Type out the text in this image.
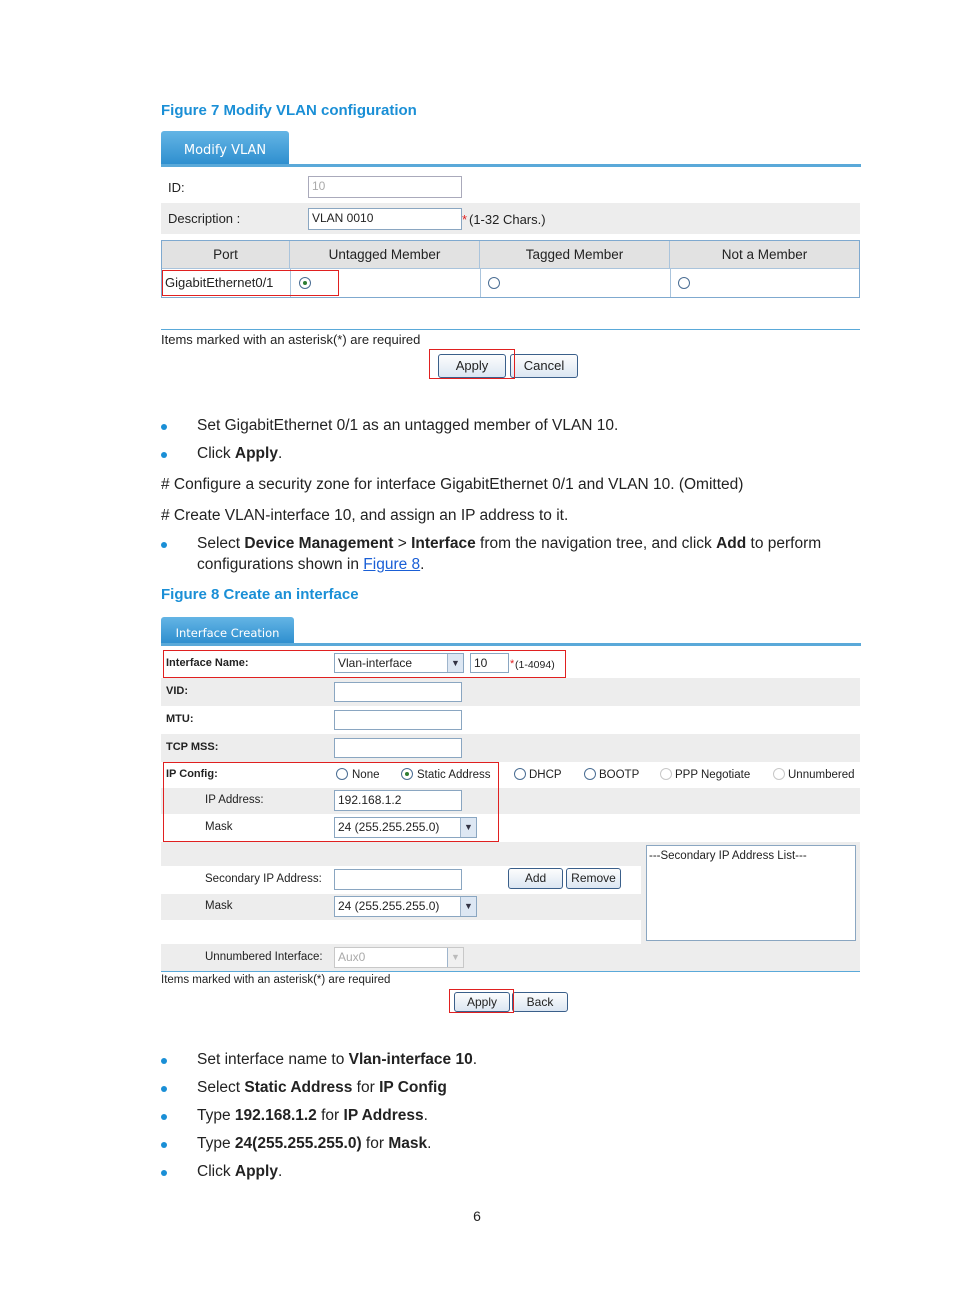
Figure 7 Modify VLAN configuration
Modify VLAN
ID:	10
Description :	VLAN 0010	* (1-32 Chars.)
Port	Untagged Member	Tagged Member	Not a Member
GigabitEthernet0/1
Items marked with an asterisk(*) are required
Apply	Cancel
Set GigabitEthernet 0/1 as an untagged member of VLAN 10.
Click Apply.
# Configure a security zone for interface GigabitEthernet 0/1 and VLAN 10. (Omitted)
# Create VLAN-interface 10, and assign an IP address to it.
Select Device Management > Interface from the navigation tree, and click Add to perform
configurations shown in Figure 8.
Figure 8 Create an interface
Interface Creation
Interface Name:	Vlan-interface	▼	10	* (1-4094)
VID:
MTU:
TCP MSS:
IP Config:	None	Static Address	DHCP	BOOTP	PPP Negotiate	Unnumbered
IP Address:	192.168.1.2
Mask	24 (255.255.255.0)	▼
Secondary IP Address:	Add	Remove
Mask	24 (255.255.255.0)	▼
---Secondary IP Address List---
Unnumbered Interface:	Aux0	▼
Items marked with an asterisk(*) are required
Apply	Back
Set interface name to Vlan-interface 10.
Select Static Address for IP Config
Type 192.168.1.2 for IP Address.
Type 24(255.255.255.0) for Mask.
Click Apply.
6
